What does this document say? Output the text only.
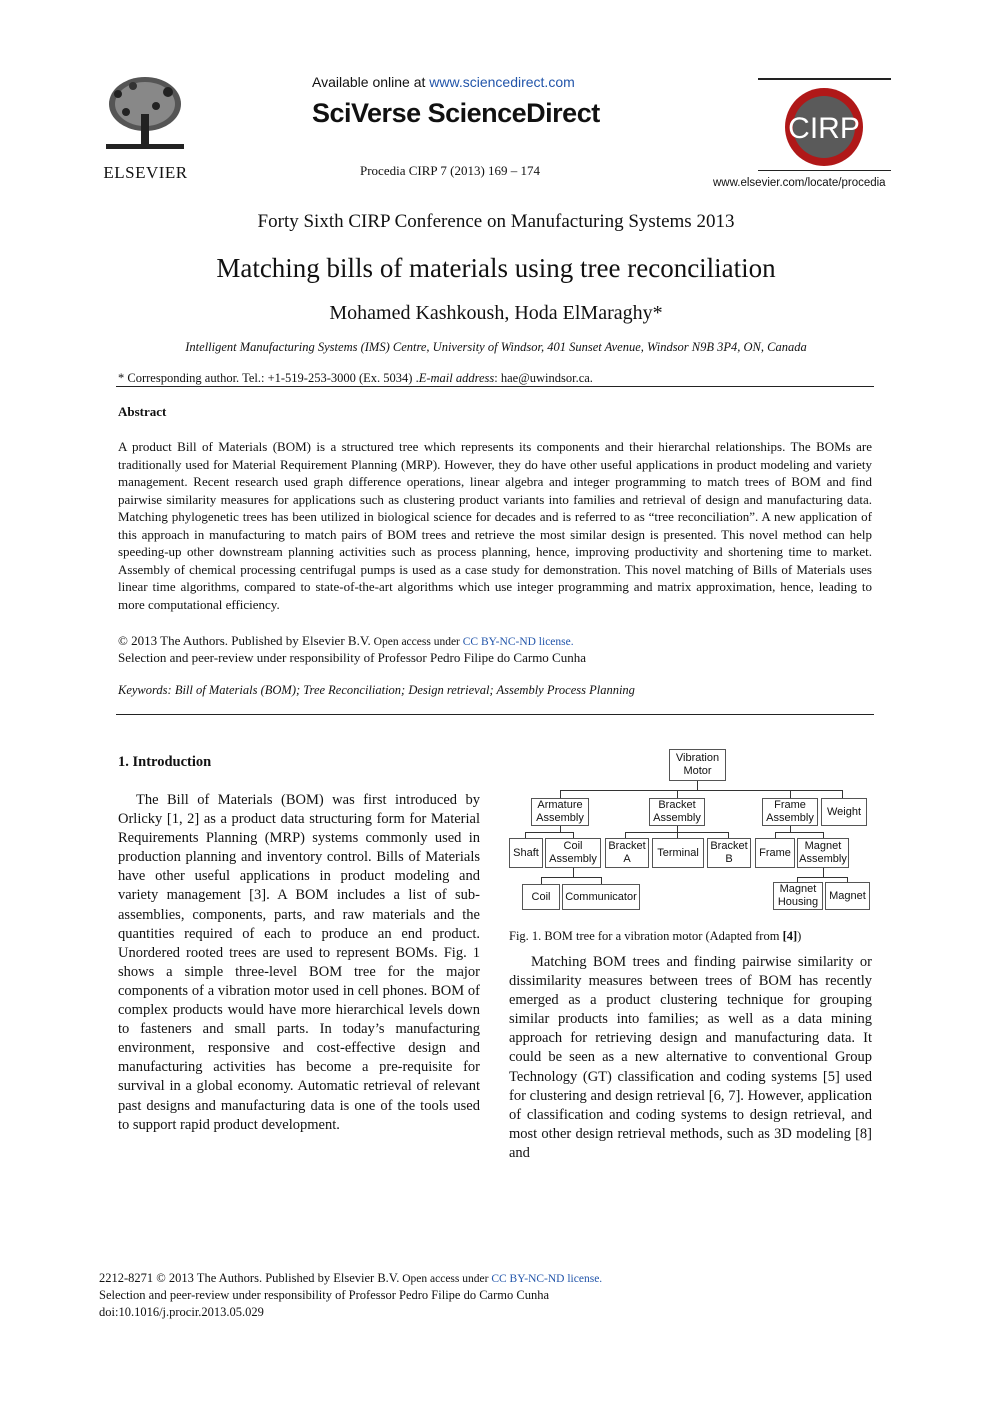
ELSEVIER
Available online at www.sciencedirect.com
SciVerse ScienceDirect
Procedia CIRP 7 (2013) 169 – 174
CIRP
www.elsevier.com/locate/procedia
Forty Sixth CIRP Conference on Manufacturing Systems 2013
Matching bills of materials using tree reconciliation
Mohamed Kashkoush, Hoda ElMaraghy*
Intelligent Manufacturing Systems (IMS) Centre, University of Windsor, 401 Sunset Avenue, Windsor N9B 3P4, ON, Canada
* Corresponding author. Tel.: +1-519-253-3000 (Ex. 5034) .E-mail address: hae@uwindsor.ca.
Abstract
A product Bill of Materials (BOM) is a structured tree which represents its components and their hierarchal relationships. The BOMs are traditionally used for Material Requirement Planning (MRP). However, they do have other useful applications in product modeling and variety management. Recent research used graph difference operations, linear algebra and integer programming to match trees of BOM and find pairwise similarity measures for applications such as clustering product variants into families and retrieval of design and manufacturing data. Matching phylogenetic trees has been utilized in biological science for decades and is referred to as “tree reconciliation”. A new application of this approach in manufacturing to match pairs of BOM trees and retrieve the most similar design is presented. This novel method can help speeding-up other downstream planning activities such as process planning, hence, improving productivity and shortening time to market. Assembly of chemical processing centrifugal pumps is used as a case study for demonstration. This novel matching of Bills of Materials uses linear time algorithms, compared to state-of-the-art algorithms which use integer programming and matrix approximation, hence, leading to more computational efficiency.
© 2013 The Authors. Published by Elsevier B.V. Open access under CC BY-NC-ND license.
Selection and peer-review under responsibility of Professor Pedro Filipe do Carmo Cunha
Keywords: Bill of Materials (BOM); Tree Reconciliation; Design retrieval; Assembly Process Planning
1. Introduction
The Bill of Materials (BOM) was first introduced by Orlicky [1, 2] as a product data structuring form for Material Requirements Planning (MRP) systems commonly used in production planning and inventory control. Bills of Materials have other useful applications in product modeling and variety management [3]. A BOM includes a list of sub-assemblies, components, parts, and raw materials and the quantities required of each to produce an end product. Unordered rooted trees are used to represent BOMs. Fig. 1 shows a simple three-level BOM tree for the major components of a vibration motor used in cell phones. BOM of complex products would have more hierarchical levels down to fasteners and small parts. In today’s manufacturing environment, responsive and cost-effective design and manufacturing activities has become a pre-requisite for survival in a global economy. Automatic retrieval of relevant past designs and manufacturing data is one of the tools used to support rapid product development.
Vibration Motor
Armature Assembly
Bracket Assembly
Frame Assembly
Weight
Shaft
Coil Assembly
Bracket A
Terminal
Bracket B
Frame
Magnet Assembly
Coil	Communicator
Magnet Housing
Magnet
Fig. 1. BOM tree for a vibration motor (Adapted from [4])
Matching BOM trees and finding pairwise similarity or dissimilarity measures between trees of BOM has recently emerged as a product clustering technique for grouping similar products into families; as well as a data mining approach for retrieving design and manufacturing data. It could be seen as a new alternative to conventional Group Technology (GT) classification and coding systems [5] used for clustering and design retrieval [6, 7]. However, application of classification and coding systems to design retrieval, and most other design retrieval methods, such as 3D modeling [8] and
2212-8271 © 2013 The Authors. Published by Elsevier B.V. Open access under CC BY-NC-ND license.
Selection and peer-review under responsibility of Professor Pedro Filipe do Carmo Cunha
doi:10.1016/j.procir.2013.05.029
